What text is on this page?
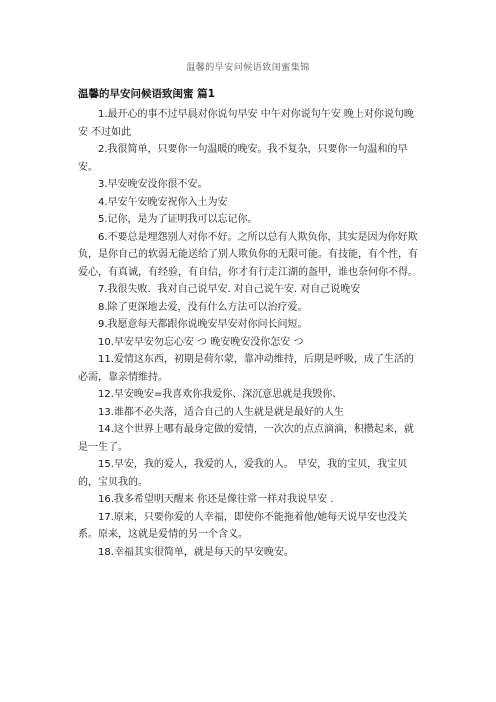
温馨的早安问候语致闺蜜集锦
温馨的早安问候语致闺蜜 篇1

1.最开心的事不过早晨对你说句早安 中午对你说句午安 晚上对你说句晚安 不过如此

2.我很简单，只要你一句温暖的晚安。我不复杂，只要你一句温和的早安。

3.早安晚安没你很不安。

4.早安午安晚安祝你入土为安

5.记你，是为了证明我可以忘记你。

6.不要总是埋怨别人对你不好。之所以总有人欺负你，其实是因为你好欺负，是你自己的软弱无能送给了别人欺负你的无限可能。有技能，有个性，有爱心，有真诚，有经验，有自信，你才有行走江湖的盔甲，谁也奈何你不得。

7.我很失败．我对自己说早安. 对自己说午安. 对自己说晚安

8.除了更深地去爱，没有什么方法可以治疗爱。

9.我愿意每天都跟你说晚安早安对你问长问短。

10.早安早安勿忘心安 つ 晚安晚安没你怎安 つ

11.爱情这东西，初期是荷尔蒙，靠冲动维持，后期是呼吸，成了生活的必需，靠亲情维持。

12.早安晚安=我喜欢你我爱你、深沉意思就是我毁你、

13.谁都不必失落，适合自己的人生就是就是最好的人生

14.这个世界上哪有最身定做的爱情，一次次的点点滴滴，积攒起来，就是一生了。

15.早安，我的爱人，我爱的人，爱我的人。 早安，我的宝贝，我宝贝的，宝贝我的。

16.我多希望明天醒来 你还是像往常一样对我说早安 .

17.原来，只要你爱的人幸福，即使你不能拖着他/她每天说早安也没关系。原来，这就是爱情的另一个含义。

18.幸福其实很简单，就是每天的早安晚安。
